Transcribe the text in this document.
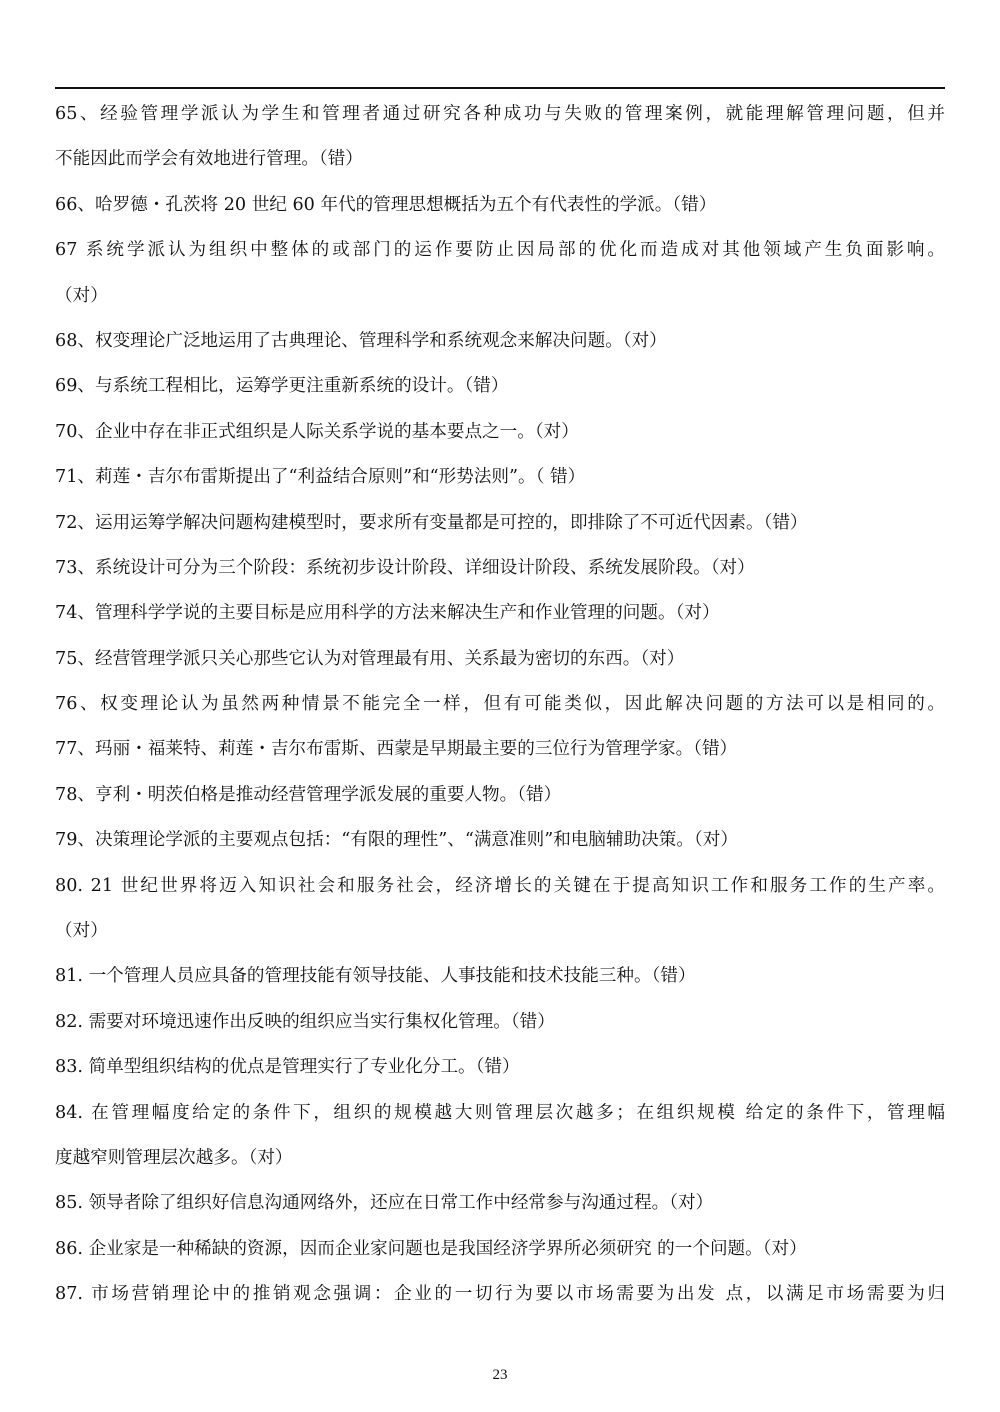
65、经验管理学派认为学生和管理者通过研究各种成功与失败的管理案例，就能理解管理问题，但并
不能因此而学会有效地进行管理。（错）
66、哈罗德・孔茨将 20 世纪 60 年代的管理思想概括为五个有代表性的学派。（错）
67 系统学派认为组织中整体的或部门的运作要防止因局部的优化而造成对其他领域产生负面影响。
（对）
68、权变理论广泛地运用了古典理论、管理科学和系统观念来解决问题。（对）
69、与系统工程相比，运筹学更注重新系统的设计。（错）
70、企业中存在非正式组织是人际关系学说的基本要点之一。（对）
71、莉莲・吉尔布雷斯提出了“利益结合原则”和“形势法则”。（ 错）
72、运用运筹学解决问题构建模型时，要求所有变量都是可控的，即排除了不可近代因素。（错）
73、系统设计可分为三个阶段：系统初步设计阶段、详细设计阶段、系统发展阶段。（对）
74、管理科学学说的主要目标是应用科学的方法来解决生产和作业管理的问题。（对）
75、经营管理学派只关心那些它认为对管理最有用、关系最为密切的东西。（对）
76、权变理论认为虽然两种情景不能完全一样，但有可能类似，因此解决问题的方法可以是相同的。
77、玛丽・福莱特、莉莲・吉尔布雷斯、西蒙是早期最主要的三位行为管理学家。（错）
78、亨利・明茨伯格是推动经营管理学派发展的重要人物。（错）
79、决策理论学派的主要观点包括：“有限的理性”、“满意准则”和电脑辅助决策。（对）
80. 21 世纪世界将迈入知识社会和服务社会，经济增长的关键在于提高知识工作和服务工作的生产率。
（对）
81. 一个管理人员应具备的管理技能有领导技能、人事技能和技术技能三种。（错）
82. 需要对环境迅速作出反映的组织应当实行集权化管理。（错）
83. 简单型组织结构的优点是管理实行了专业化分工。（错）
84. 在管理幅度给定的条件下，组织的规模越大则管理层次越多；在组织规模 给定的条件下，管理幅
度越窄则管理层次越多。（对）
85. 领导者除了组织好信息沟通网络外，还应在日常工作中经常参与沟通过程。（对）
86. 企业家是一种稀缺的资源，因而企业家问题也是我国经济学界所必须研究 的一个问题。（对）
87. 市场营销理论中的推销观念强调：企业的一切行为要以市场需要为出发 点，以满足市场需要为归
23
